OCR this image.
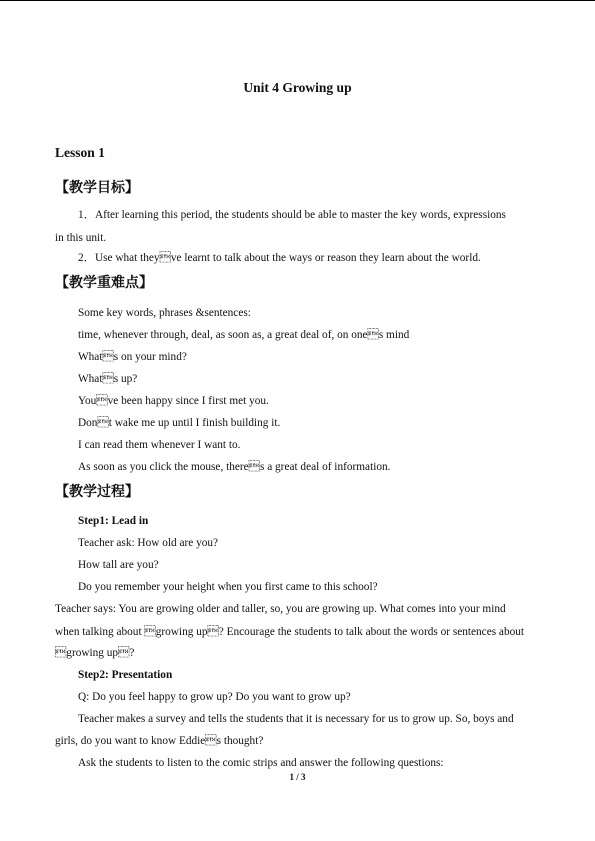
Unit 4 Growing up
Lesson 1
【教学目标】
1．After learning this period, the students should be able to master the key words, expressions
in this unit.
2．Use what theyve learnt to talk about the ways or reason they learn about the world.
【教学重难点】
Some key words, phrases &sentences:
time, whenever through, deal, as soon as, a great deal of, on ones mind
Whats on your mind?
Whats up?
Youve been happy since I first met you.
Dont wake me up until I finish building it.
I can read them whenever I want to.
As soon as you click the mouse, theres a great deal of information.
【教学过程】
Step1: Lead in
Teacher ask: How old are you?
How tall are you?
Do you remember your height when you first came to this school?
Teacher says: You are growing older and taller, so, you are growing up. What comes into your mind
when talking about growing up? Encourage the students to talk about the words or sentences about
growing up?
Step2: Presentation
Q: Do you feel happy to grow up? Do you want to grow up?
Teacher makes a survey and tells the students that it is necessary for us to grow up. So, boys and
girls, do you want to know Eddies thought?
Ask the students to listen to the comic strips and answer the following questions:
1 / 3
